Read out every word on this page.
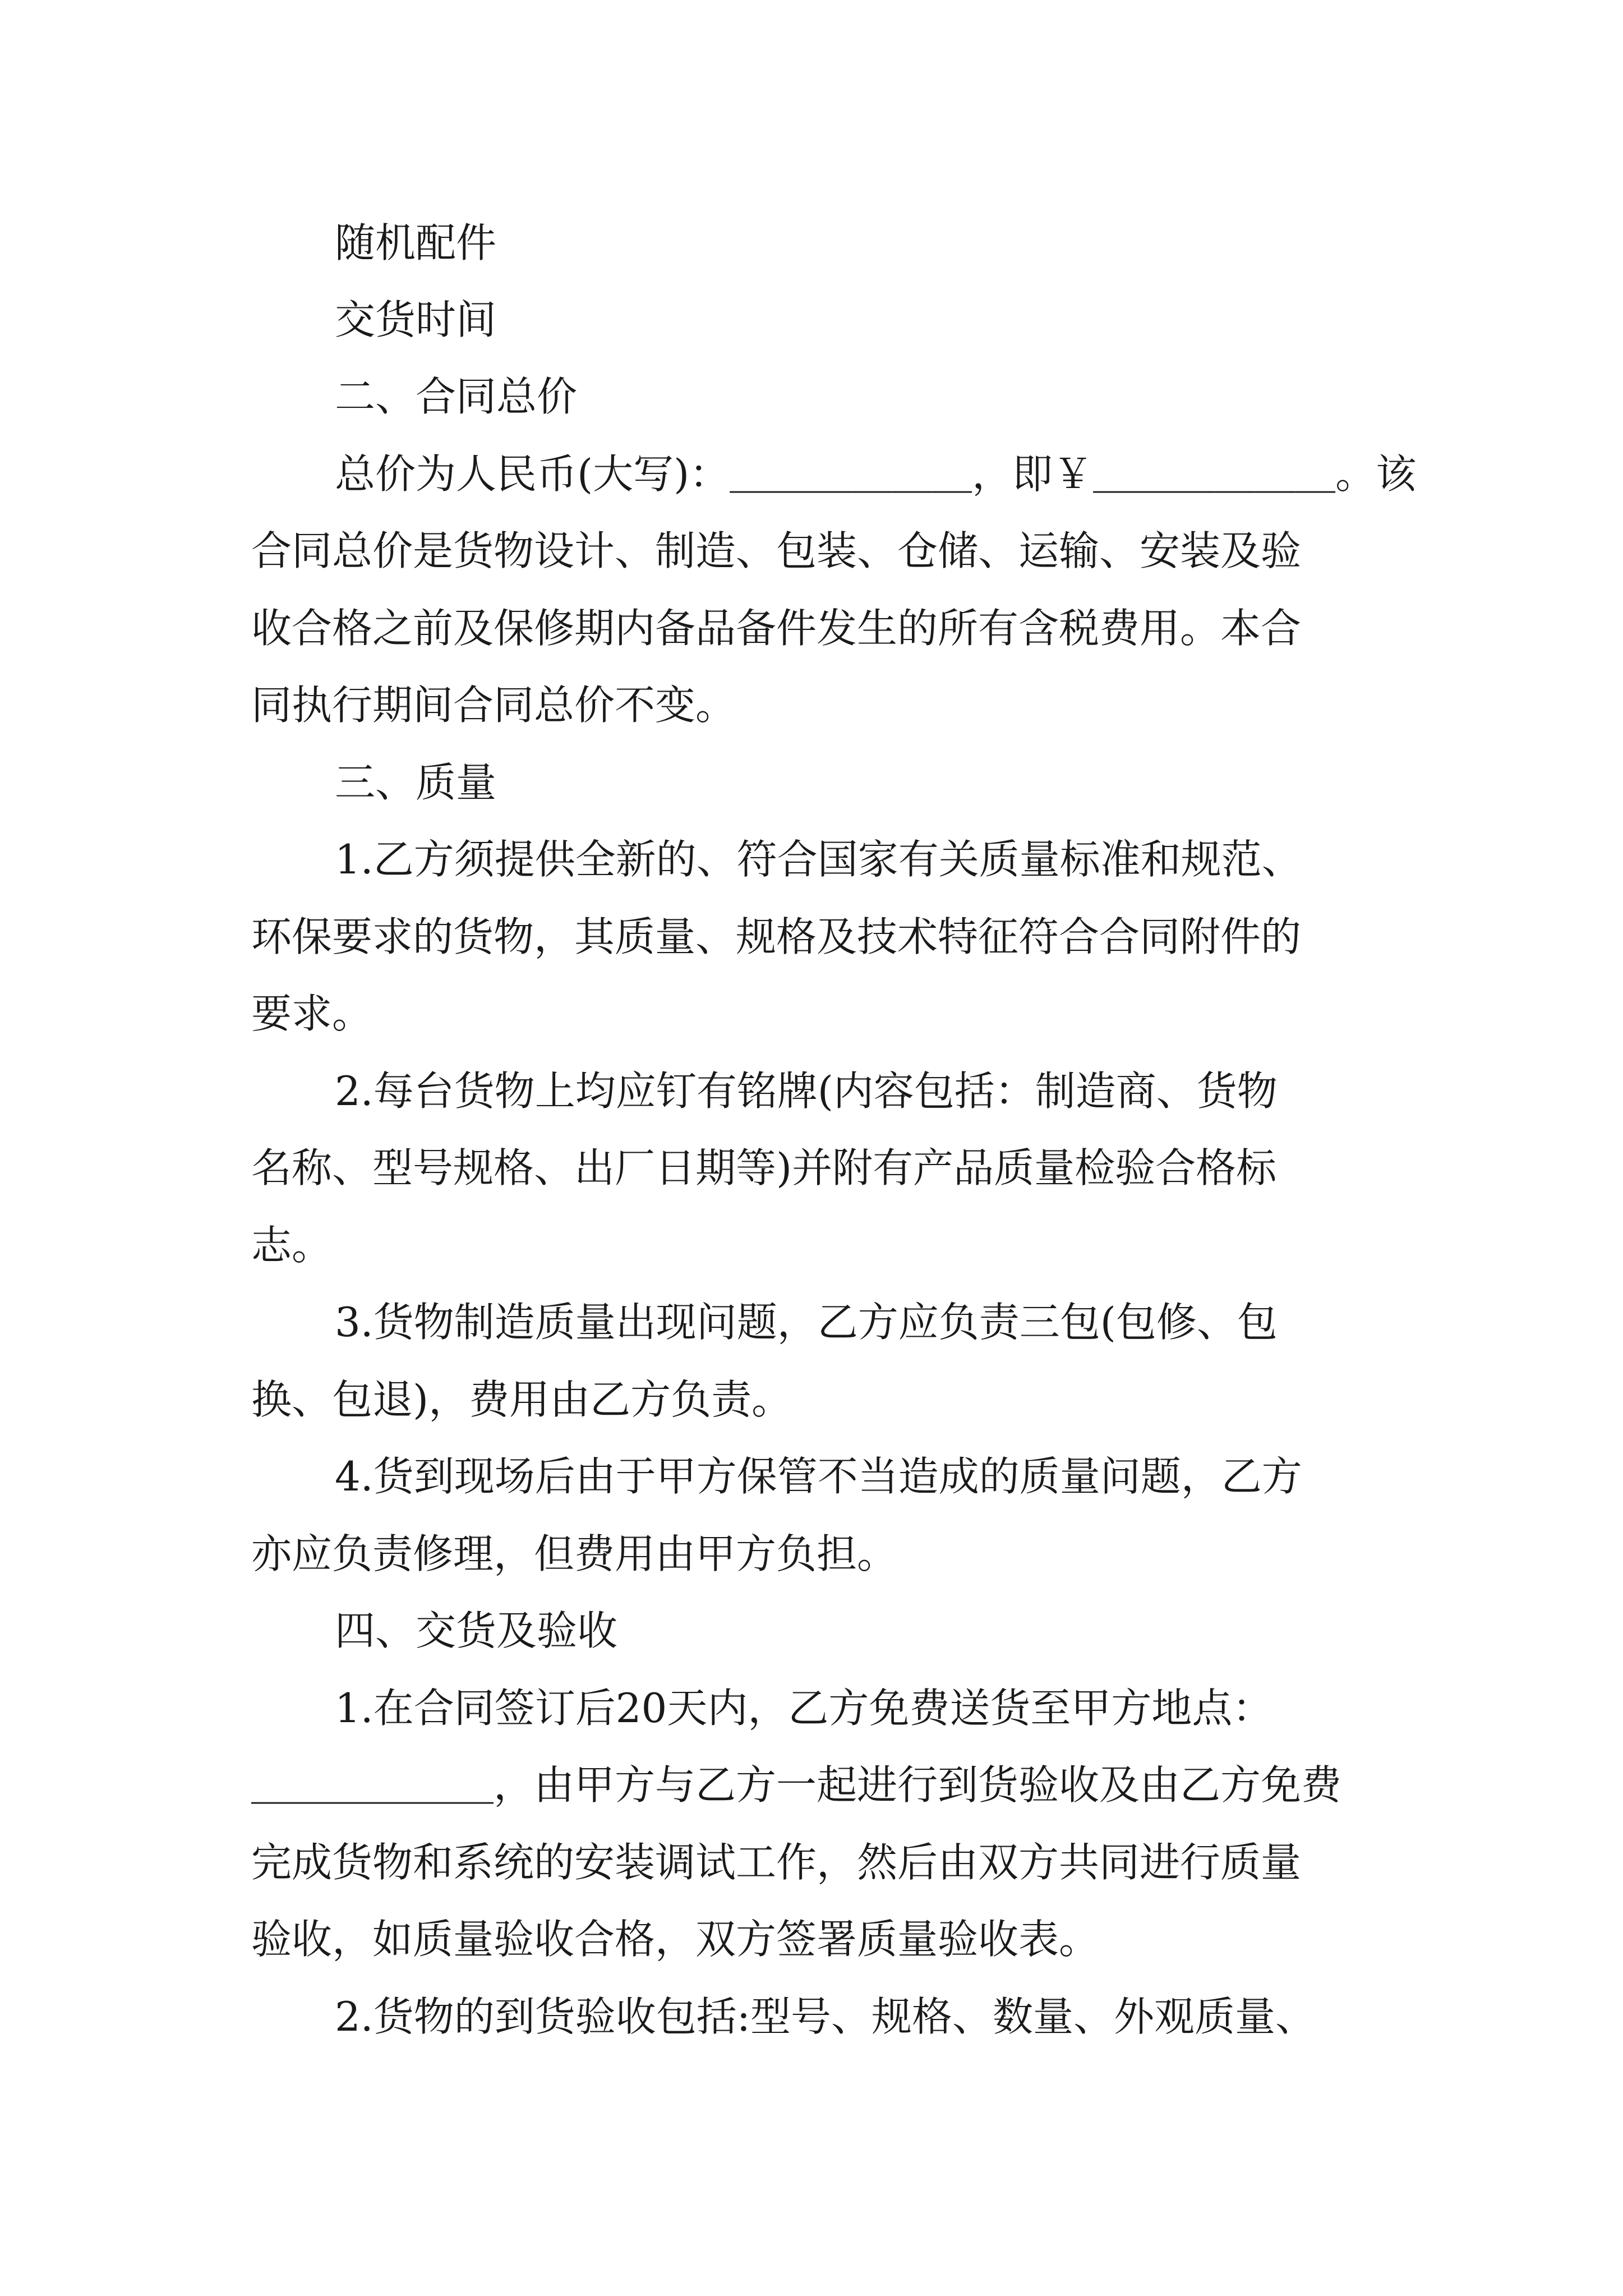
随机配件

交货时间

二、合同总价

总价为人民币(大写)：＿＿＿＿＿＿，即￥＿＿＿＿＿＿。该

合同总价是货物设计、制造、包装、仓储、运输、安装及验

收合格之前及保修期内备品备件发生的所有含税费用。本合

同执行期间合同总价不变。

三、质量

1.乙方须提供全新的、符合国家有关质量标准和规范、

环保要求的货物，其质量、规格及技术特征符合合同附件的

要求。

2.每台货物上均应钉有铭牌(内容包括：制造商、货物

名称、型号规格、出厂日期等)并附有产品质量检验合格标

志。

3.货物制造质量出现问题，乙方应负责三包(包修、包

换、包退)，费用由乙方负责。

4.货到现场后由于甲方保管不当造成的质量问题，乙方

亦应负责修理，但费用由甲方负担。

四、交货及验收

1.在合同签订后20天内，乙方免费送货至甲方地点：

＿＿＿＿＿＿，由甲方与乙方一起进行到货验收及由乙方免费

完成货物和系统的安装调试工作，然后由双方共同进行质量

验收，如质量验收合格，双方签署质量验收表。

2.货物的到货验收包括:型号、规格、数量、外观质量、
